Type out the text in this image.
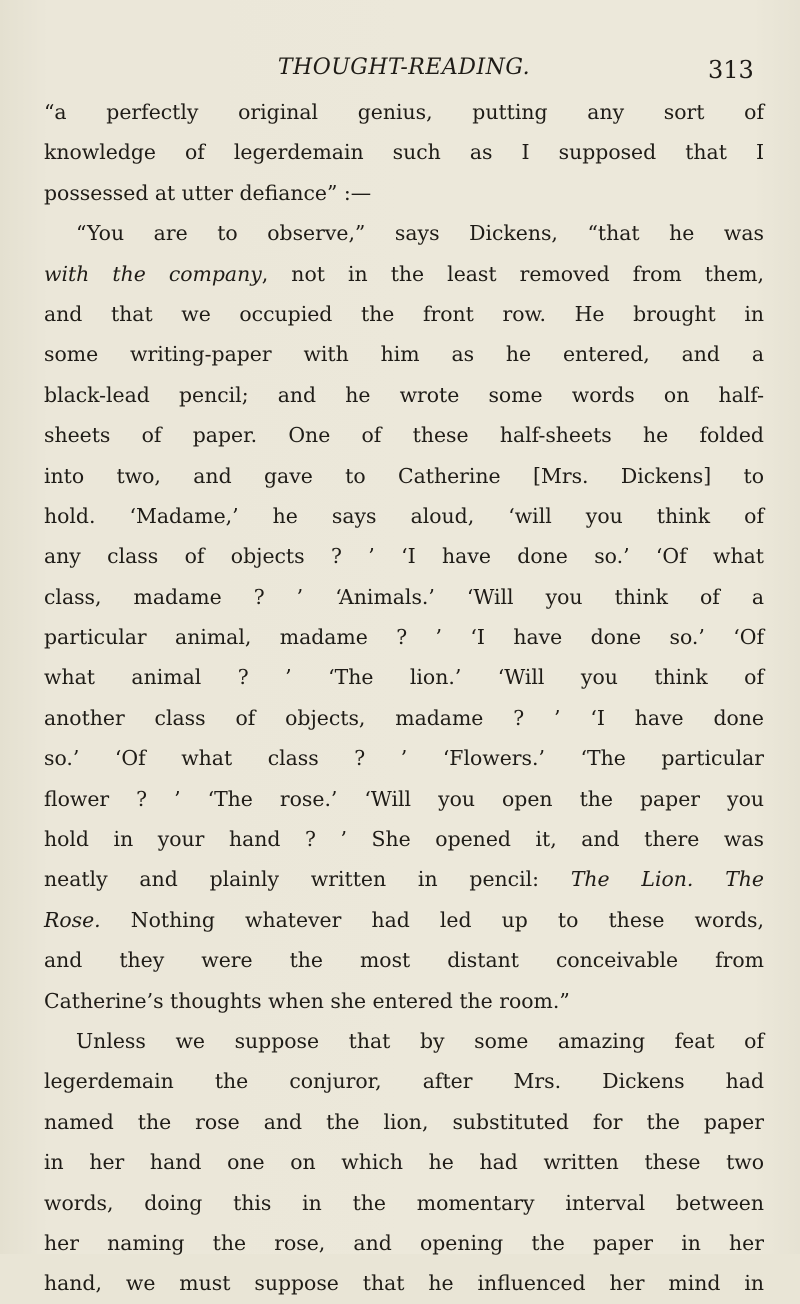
THOUGHT-READING.	313
“a perfectly original genius, putting any sort of
knowledge of legerdemain such as I supposed that I
possessed at utter defiance” :—
“You are to observe,” says Dickens, “that he was
with the company, not in the least removed from them,
and that we occupied the front row. He brought in
some writing-paper with him as he entered, and a
black-lead pencil; and he wrote some words on half-
sheets of paper. One of these half-sheets he folded
into two, and gave to Catherine [Mrs. Dickens] to
hold. ‘Madame,’ he says aloud, ‘will you think of
any class of objects ? ’ ‘I have done so.’ ‘Of what
class, madame ? ’ ‘Animals.’ ‘Will you think of a
particular animal, madame ? ’ ‘I have done so.’ ‘Of
what animal ? ’ ‘The lion.’ ‘Will you think of
another class of objects, madame ? ’ ‘I have done
so.’ ‘Of what class ? ’ ‘Flowers.’ ‘The particular
flower ? ’ ‘The rose.’ ‘Will you open the paper you
hold in your hand ? ’ She opened it, and there was
neatly and plainly written in pencil: The Lion. The
Rose. Nothing whatever had led up to these words,
and they were the most distant conceivable from
Catherine’s thoughts when she entered the room.”
Unless we suppose that by some amazing feat of
legerdemain the conjuror, after Mrs. Dickens had
named the rose and the lion, substituted for the paper
in her hand one on which he had written these two
words, doing this in the momentary interval between
her naming the rose, and opening the paper in her
hand, we must suppose that he influenced her mind in
